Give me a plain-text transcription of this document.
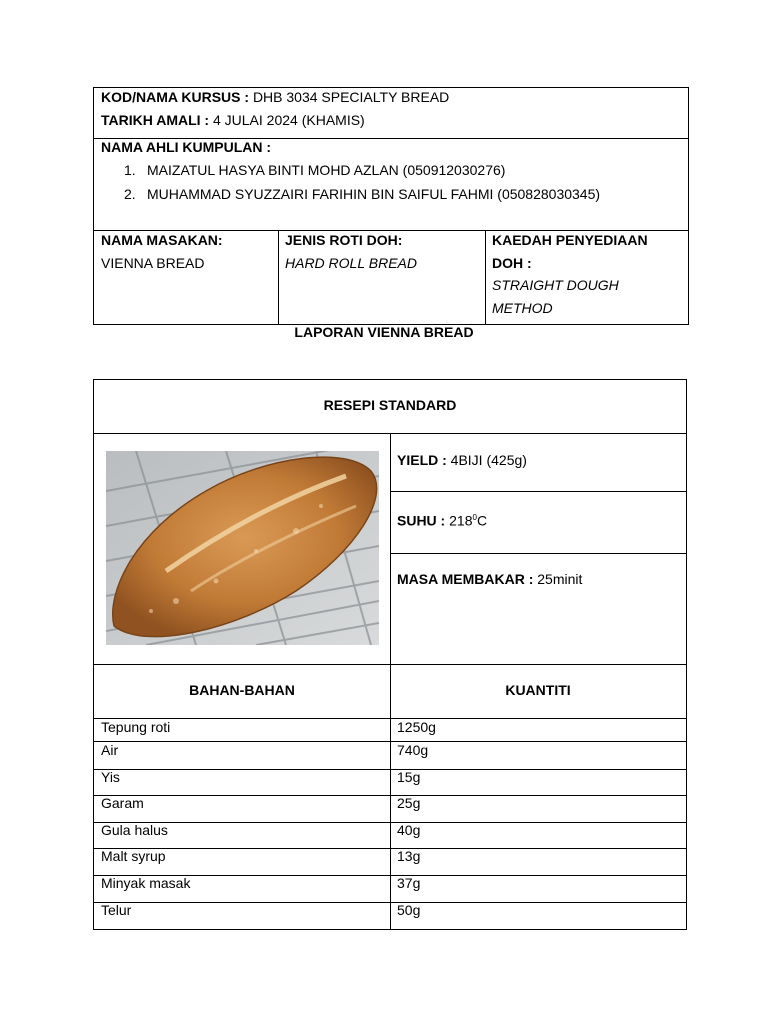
KOD/NAMA KURSUS : DHB 3034 SPECIALTY BREAD
TARIKH AMALI : 4 JULAI 2024 (KHAMIS)
NAMA AHLI KUMPULAN :
1. MAIZATUL HASYA BINTI MOHD AZLAN (050912030276)
2. MUHAMMAD SYUZZAIRI FARIHIN BIN SAIFUL FAHMI (050828030345)
NAMA MASAKAN:
VIENNA BREAD
JENIS ROTI DOH:
HARD ROLL BREAD
KAEDAH PENYEDIAAN
DOH :
STRAIGHT DOUGH
METHOD
LAPORAN VIENNA BREAD
RESEPI STANDARD
YIELD : 4BIJI (425g)
SUHU : $218^0C$
MASA MEMBAKAR : 25minit
BAHAN-BAHAN	KUANTITI
Tepung roti	1250g
Air	740g
Yis	15g
Garam	25g
Gula halus	40g
Malt syrup	13g
Minyak masak	37g
Telur	50g
